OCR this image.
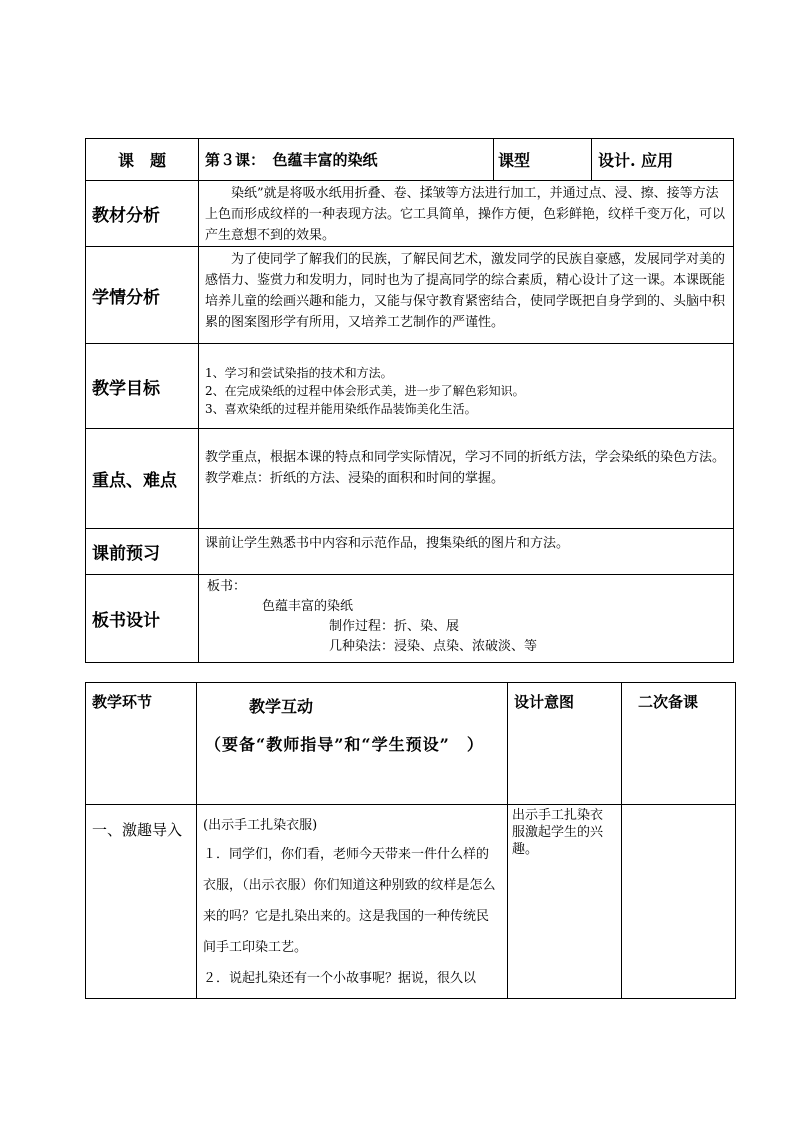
课　题	第３课：　色蕴丰富的染纸	课型	设计. 应用
教材分析	染纸”就是将吸水纸用折叠、卷、揉皱等方法进行加工，并通过点、浸、擦、接等方法上色而形成纹样的一种表现方法。它工具简单，操作方便，色彩鲜艳，纹样千变万化，可以产生意想不到的效果。		
学情分析	为了使同学了解我们的民族，了解民间艺术，激发同学的民族自豪感，发展同学对美的感悟力、鉴赏力和发明力，同时也为了提高同学的综合素质，精心设计了这一课。本课既能培养儿童的绘画兴趣和能力，又能与保守教育紧密结合，使同学既把自身学到的、头脑中积累的图案图形学有所用，又培养工艺制作的严谨性。		
教学目标	1、学习和尝试染指的技术和方法。
2、在完成染纸的过程中体会形式美，进一步了解色彩知识。
3、喜欢染纸的过程并能用染纸作品装饰美化生活。		

重点、难点	教学重点，根据本课的特点和同学实际情况，学习不同的折纸方法，学会染纸的染色方法。
教学难点：折纸的方法、浸染的面积和时间的掌握。		

课前预习	课前让学生熟悉书中内容和示范作品，搜集染纸的图片和方法。		
板书设计	板书：
色蕴丰富的染纸
制作过程：折、染、展
几种染法：浸染、点染、浓破淡、等		
教学环节	教学互动
（要备“教师指导”和“学生预设”　）	设计意图	二次备课
一、激趣导入	(出示手工扎染衣服)
１．同学们，你们看，老师今天带来一件什么样的衣服，（出示衣服）你们知道这种别致的纹样是怎么来的吗？它是扎染出来的。这是我国的一种传统民间手工印染工艺。
２．说起扎染还有一个小故事呢？据说，很久以	出示手工扎染衣服激起学生的兴趣。	
